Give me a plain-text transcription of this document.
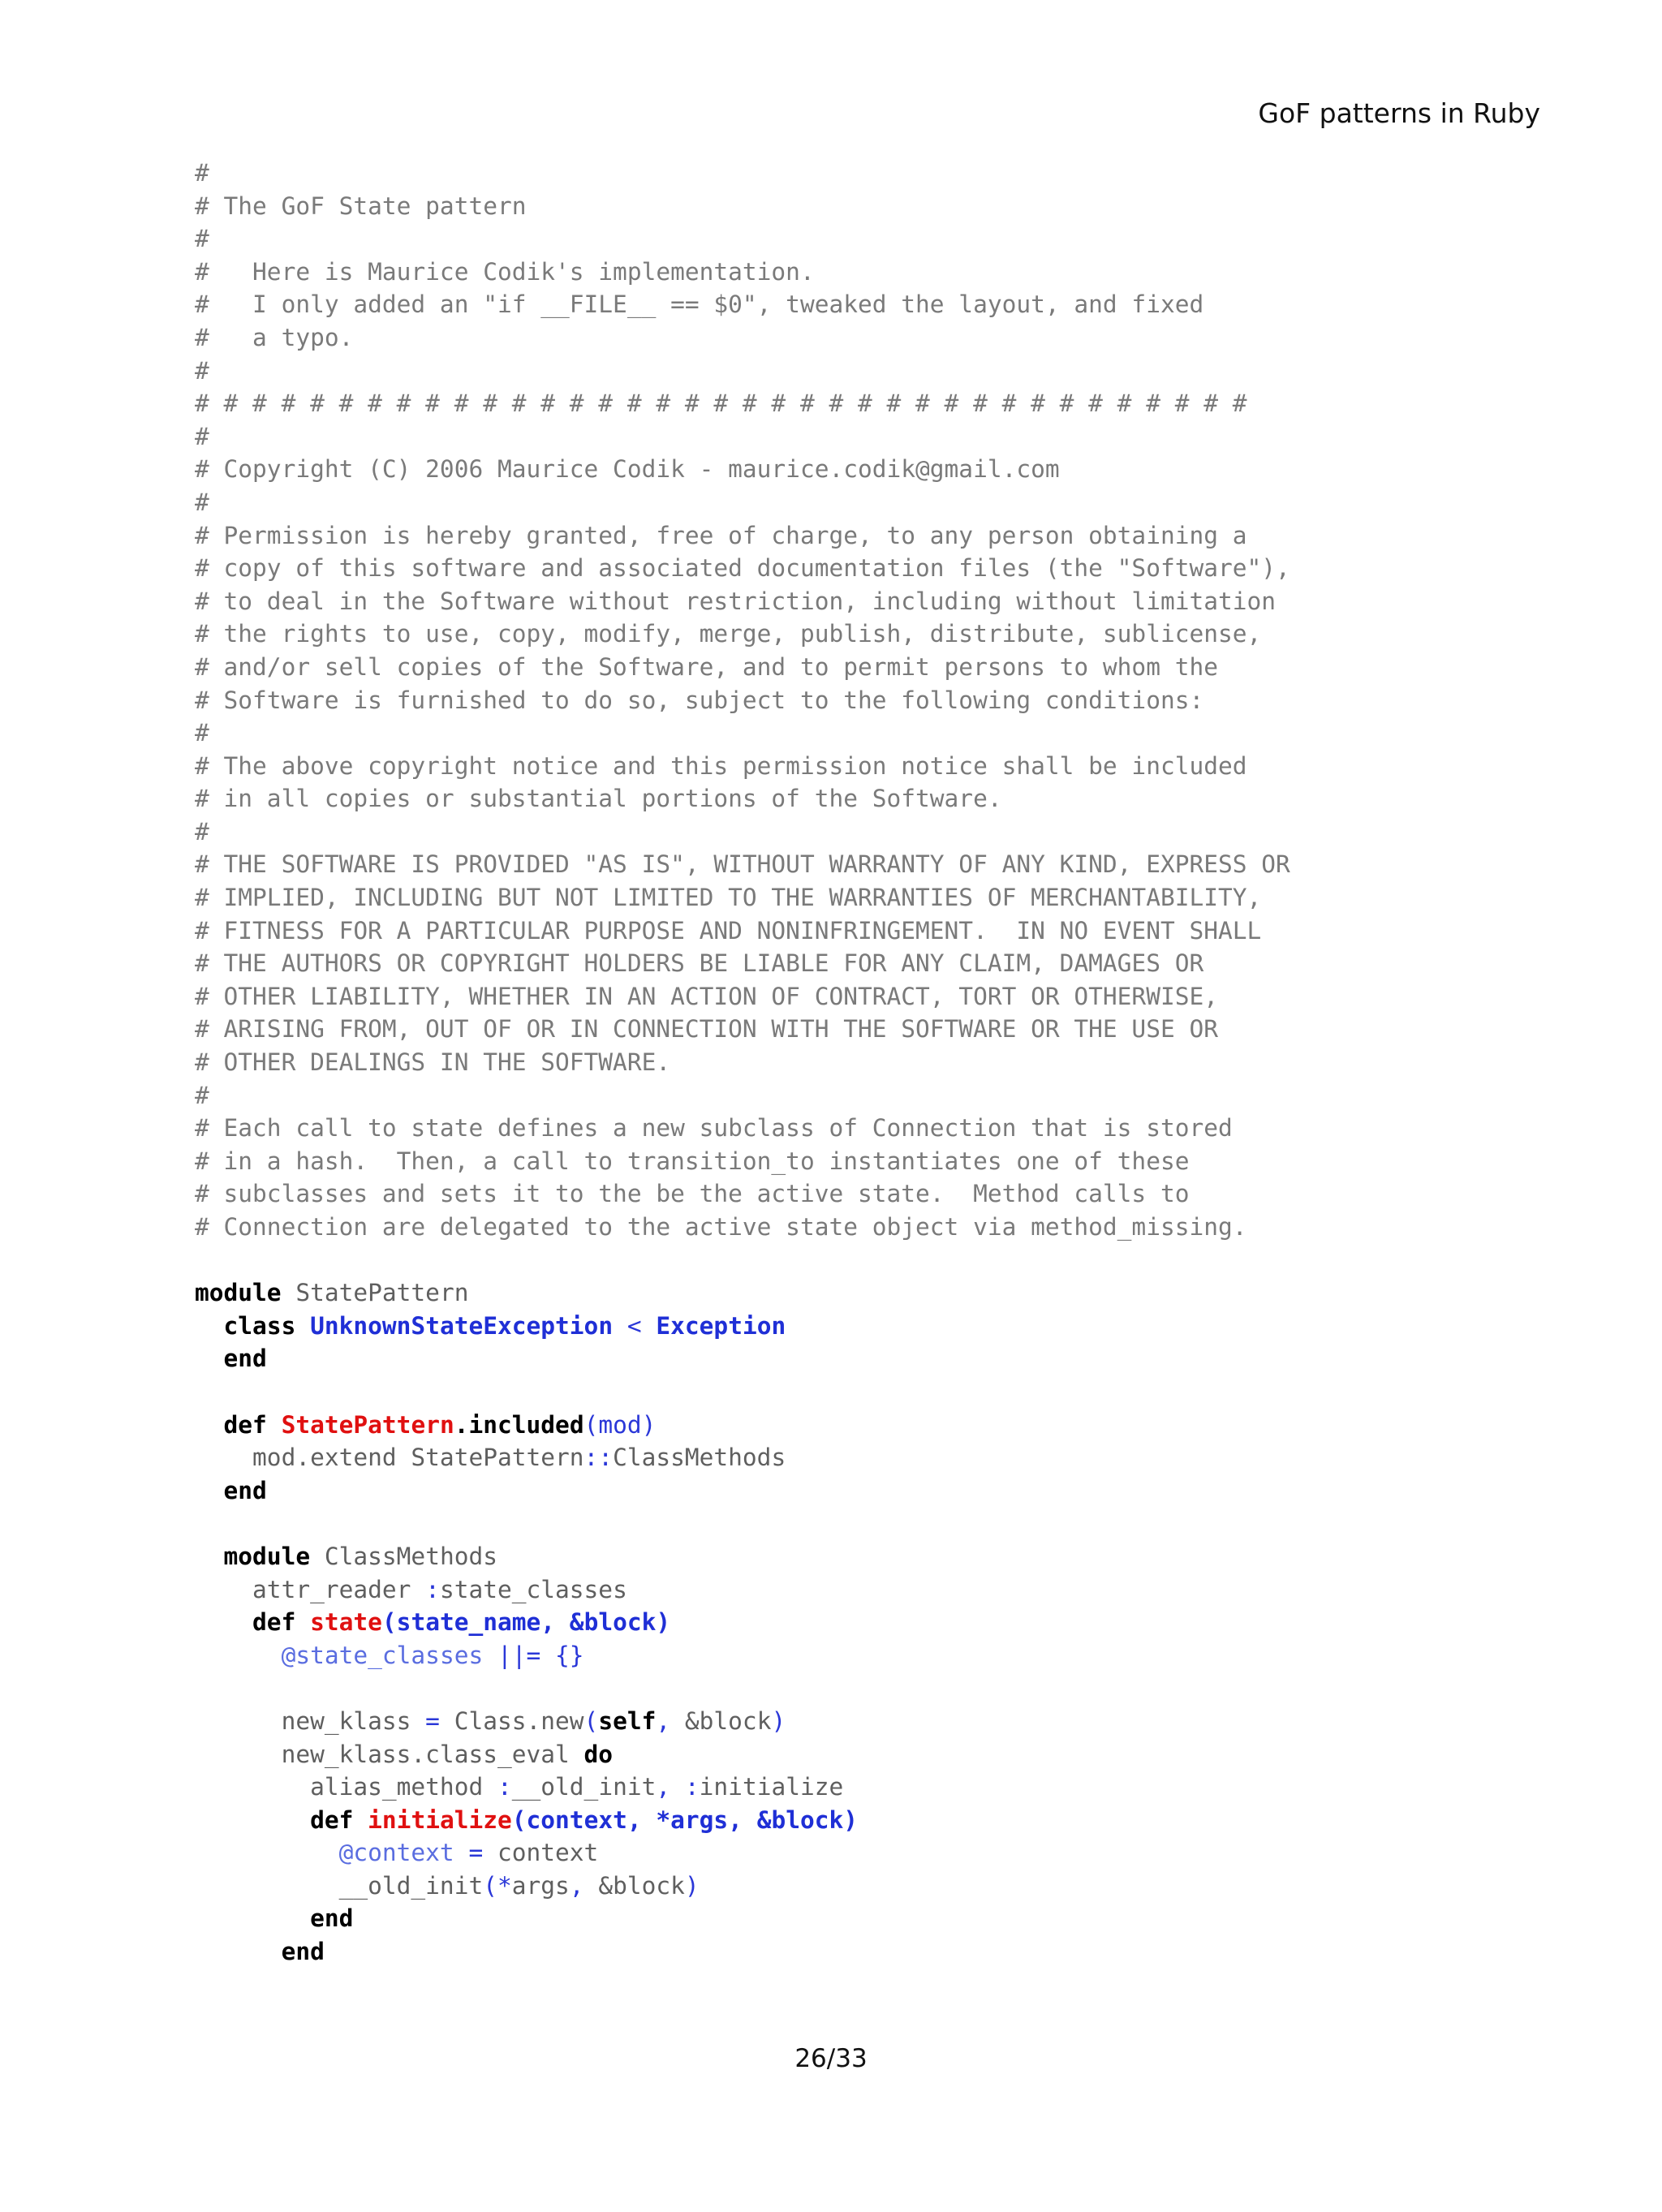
GoF patterns in Ruby
#
# The GoF State pattern
#
#   Here is Maurice Codik's implementation.
#   I only added an "if __FILE__ == $0", tweaked the layout, and fixed
#   a typo.
#
# # # # # # # # # # # # # # # # # # # # # # # # # # # # # # # # # # # # #
#
# Copyright (C) 2006 Maurice Codik - maurice.codik@gmail.com
#
# Permission is hereby granted, free of charge, to any person obtaining a
# copy of this software and associated documentation files (the "Software"),
# to deal in the Software without restriction, including without limitation
# the rights to use, copy, modify, merge, publish, distribute, sublicense,
# and/or sell copies of the Software, and to permit persons to whom the
# Software is furnished to do so, subject to the following conditions:
#
# The above copyright notice and this permission notice shall be included
# in all copies or substantial portions of the Software.
#
# THE SOFTWARE IS PROVIDED "AS IS", WITHOUT WARRANTY OF ANY KIND, EXPRESS OR
# IMPLIED, INCLUDING BUT NOT LIMITED TO THE WARRANTIES OF MERCHANTABILITY,
# FITNESS FOR A PARTICULAR PURPOSE AND NONINFRINGEMENT.  IN NO EVENT SHALL
# THE AUTHORS OR COPYRIGHT HOLDERS BE LIABLE FOR ANY CLAIM, DAMAGES OR
# OTHER LIABILITY, WHETHER IN AN ACTION OF CONTRACT, TORT OR OTHERWISE,
# ARISING FROM, OUT OF OR IN CONNECTION WITH THE SOFTWARE OR THE USE OR
# OTHER DEALINGS IN THE SOFTWARE.
#
# Each call to state defines a new subclass of Connection that is stored
# in a hash.  Then, a call to transition_to instantiates one of these
# subclasses and sets it to the be the active state.  Method calls to
# Connection are delegated to the active state object via method_missing.
module StatePattern
class UnknownStateException < Exception
end
def StatePattern.included(mod)
mod.extend StatePattern::ClassMethods
end
module ClassMethods
attr_reader :state_classes
def state(state_name, &block)
@state_classes ||= {}
new_klass = Class.new(self, &block)
new_klass.class_eval do
alias_method :__old_init, :initialize
def initialize(context, *args, &block)
@context = context
__old_init(*args, &block)
end
end
26/33
